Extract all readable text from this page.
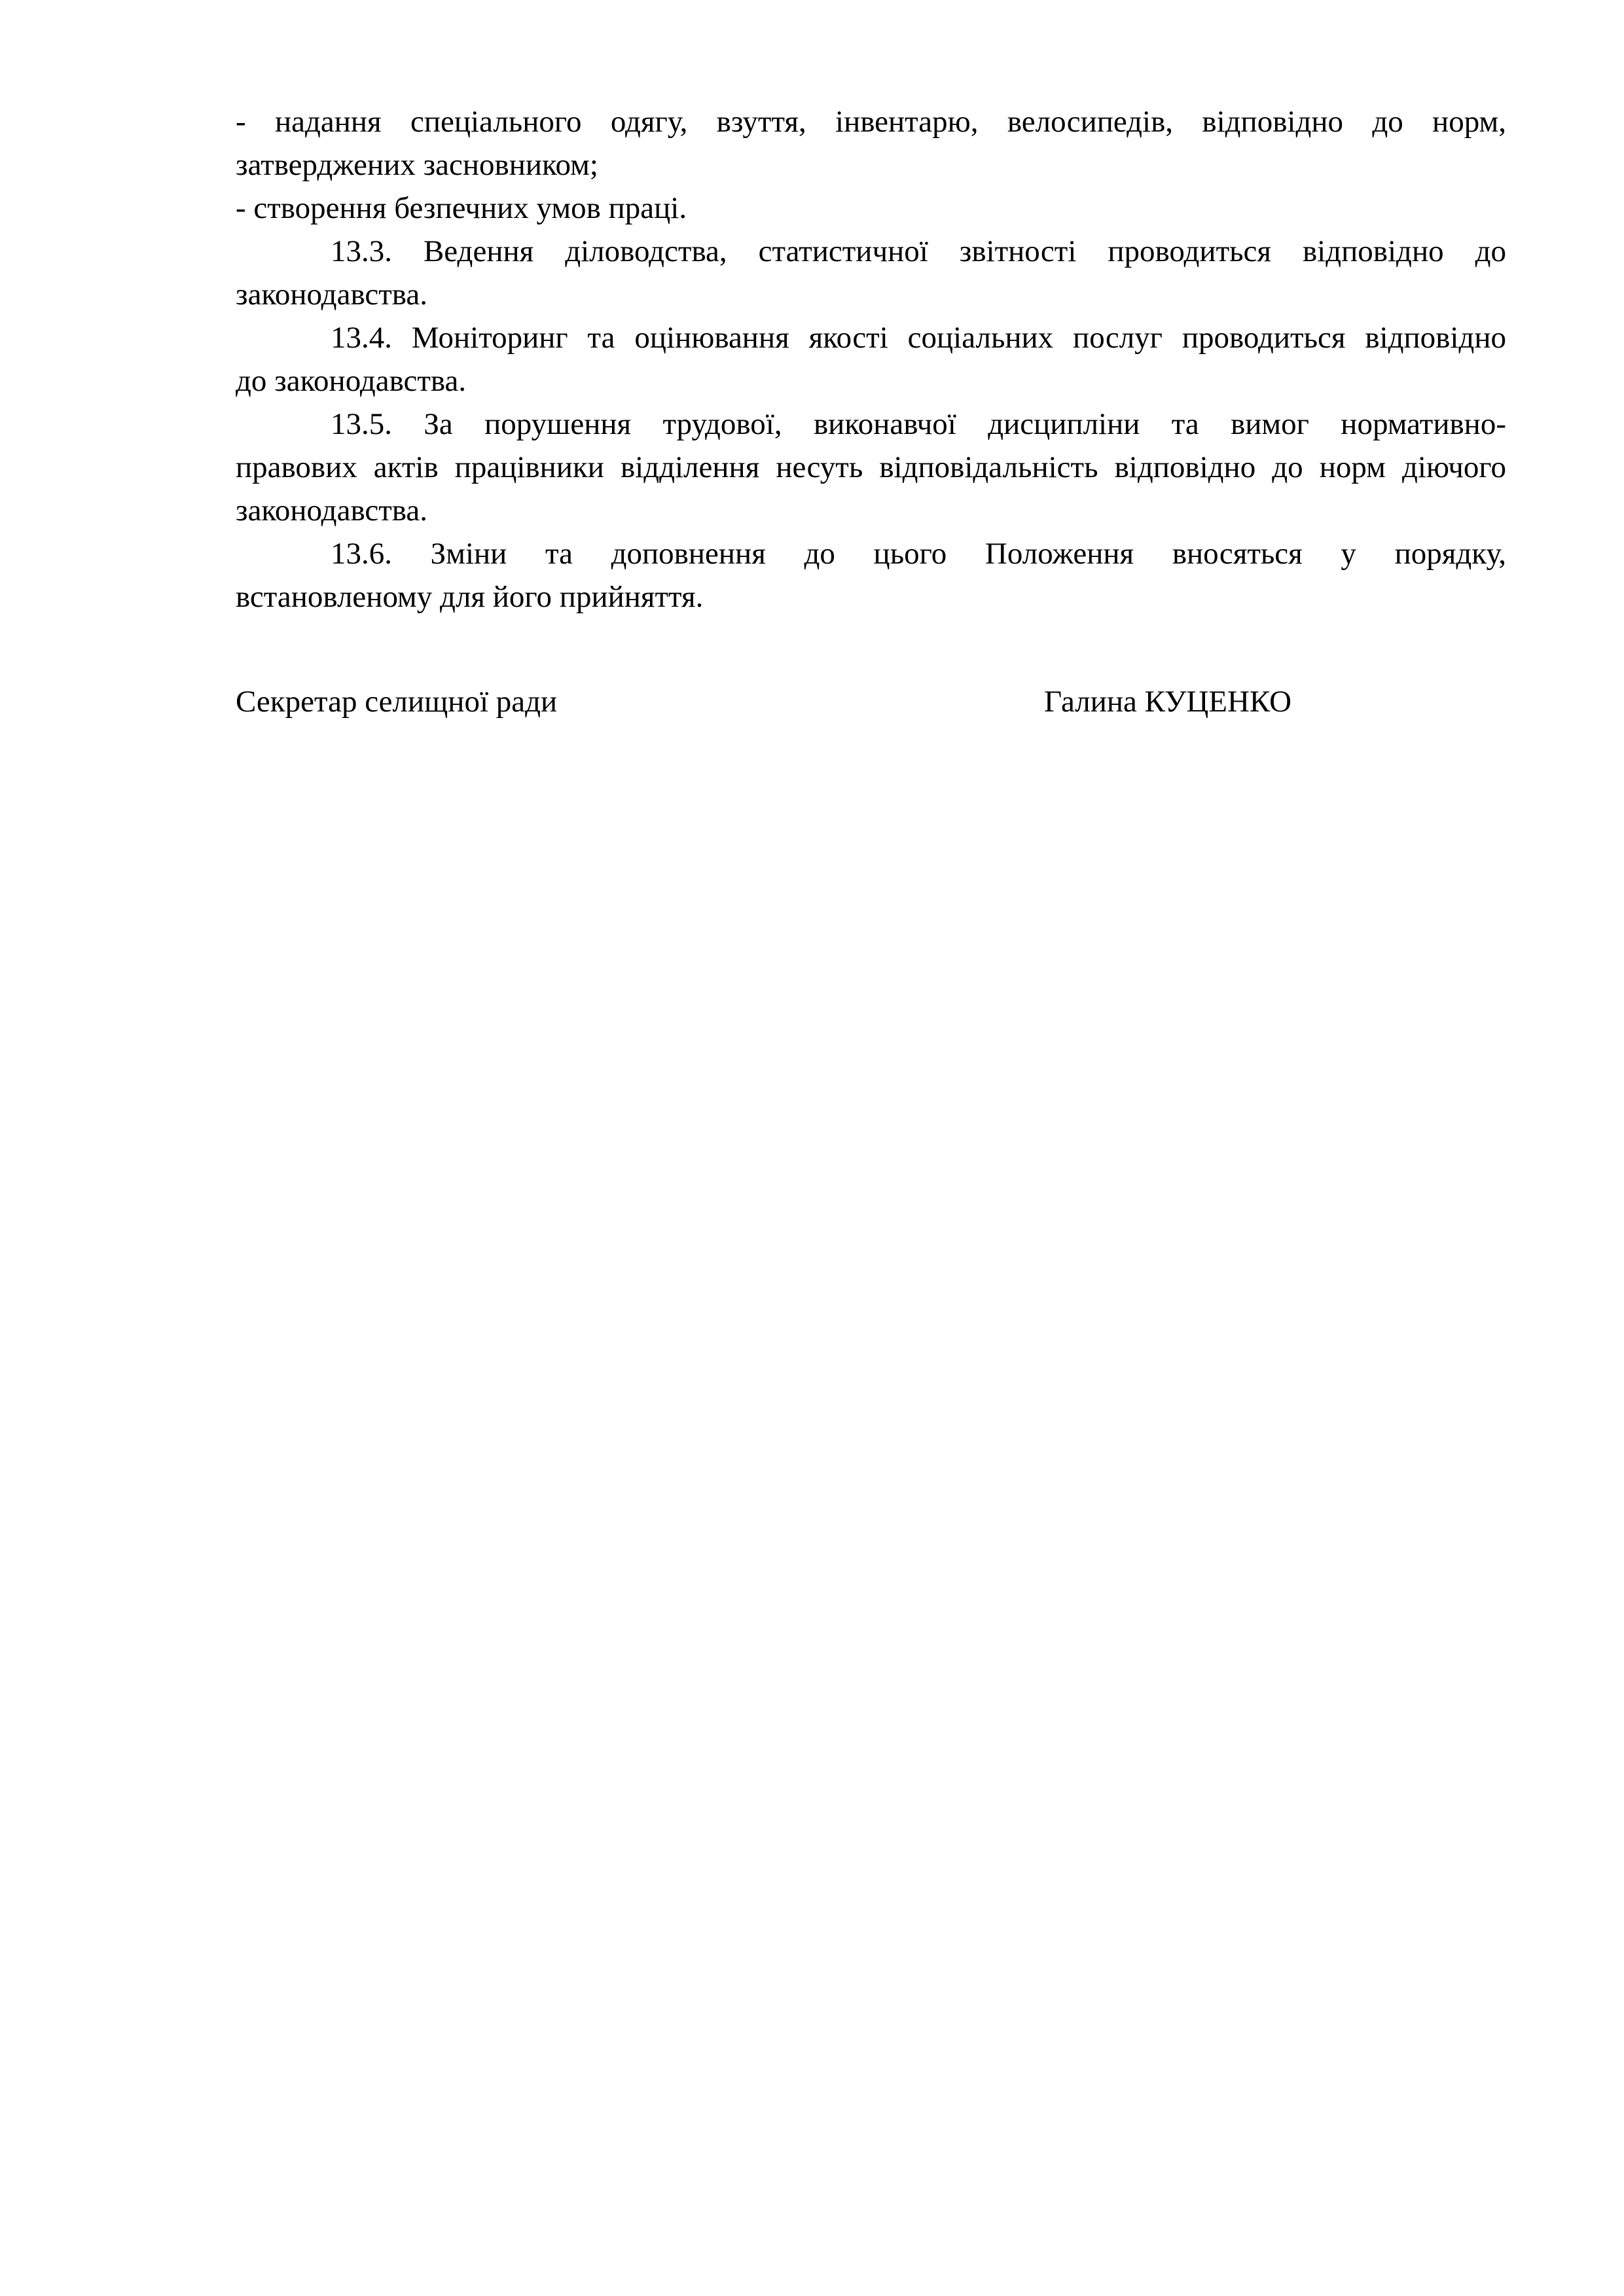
- надання спеціального одягу, взуття, інвентарю, велосипедів, відповідно до норм,
затверджених засновником;
- створення безпечних умов праці.
13.3. Ведення діловодства, статистичної звітності проводиться відповідно до
законодавства.
13.4. Моніторинг та оцінювання якості соціальних послуг проводиться відповідно
до законодавства.
13.5. За порушення трудової, виконавчої дисципліни та вимог нормативно-
правових актів працівники відділення несуть відповідальність відповідно до норм діючого
законодавства.
13.6. Зміни та доповнення до цього Положення вносяться у порядку,
встановленому для його прийняття.
Секретар селищної ради	Галина КУЦЕНКО
